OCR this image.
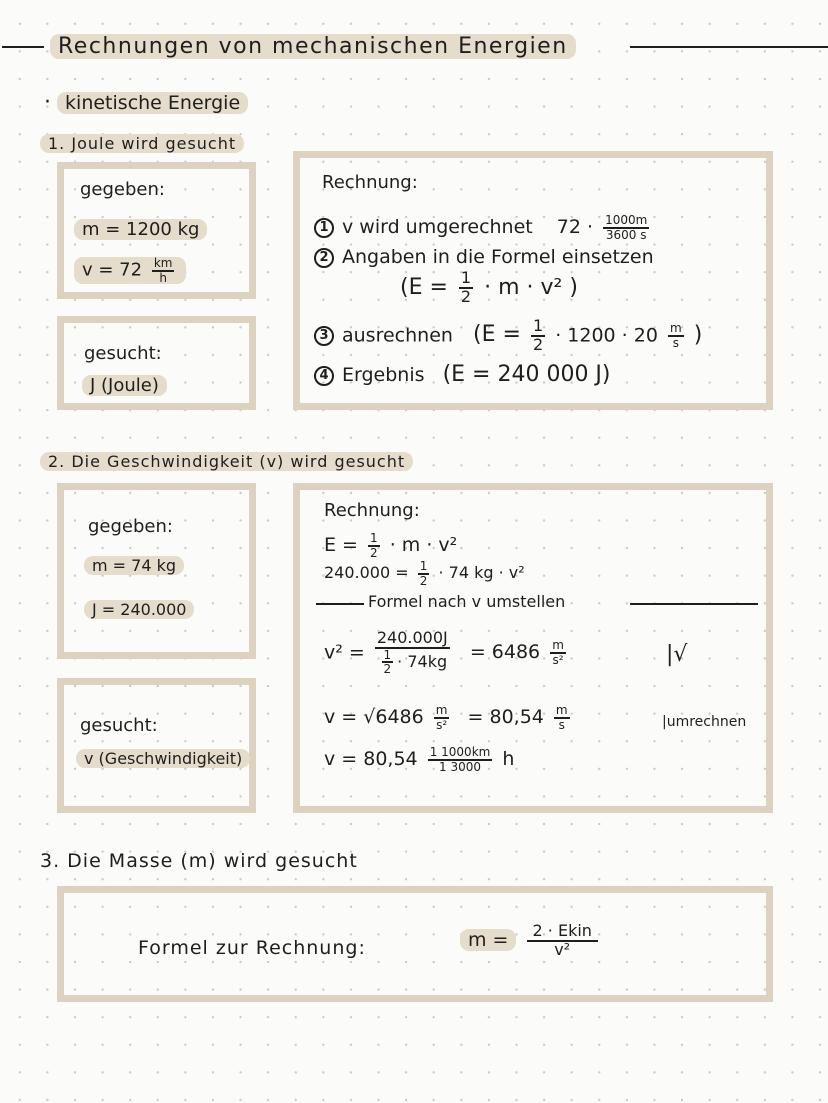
Rechnungen von mechanischen Energien
· kinetische Energie
1. Joule wird gesucht
gegeben:
m = 1200 kg
$v = 72 \frac{km}{h}$
gesucht:
J (Joule)
Rechnung:
1 v wird umgerechnet $72 \cdot \frac{1000m}{3600 s}$
2 Angaben in die Formel einsetzen
($E = \frac{1}{2} \cdot m \cdot v^2$ )
3 ausrechnen ($E = \frac{1}{2} \cdot 1200 \cdot 20 \frac{m}{s}$ )
4 Ergebnis (E = 240 000 J)
2. Die Geschwindigkeit (v) wird gesucht
gegeben:
m = 74 kg
J = 240.000
gesucht:
v (Geschwindigkeit)
Rechnung:
$E = \frac{1}{2} \cdot m \cdot v^2$
$240.000 = \frac{1}{2} \cdot 74$ kg · v²
Formel nach v umstellen
$v^2 = \frac{240.000J}{\frac{1}{2} \cdot 74kg} = 6486 \frac{m}{\text{s²}}$	|√
$v = √6486 \frac{m}{\text{s²}} = 80,54 \frac{m}{s}$	|umrechnen
$v = 80,54 \frac{1 1000km}{1 3000}$ h
3. Die Masse (m) wird gesucht
Formel zur Rechnung:	$m = \frac{\text{2 · Ekin}}{\text{v²}}$
